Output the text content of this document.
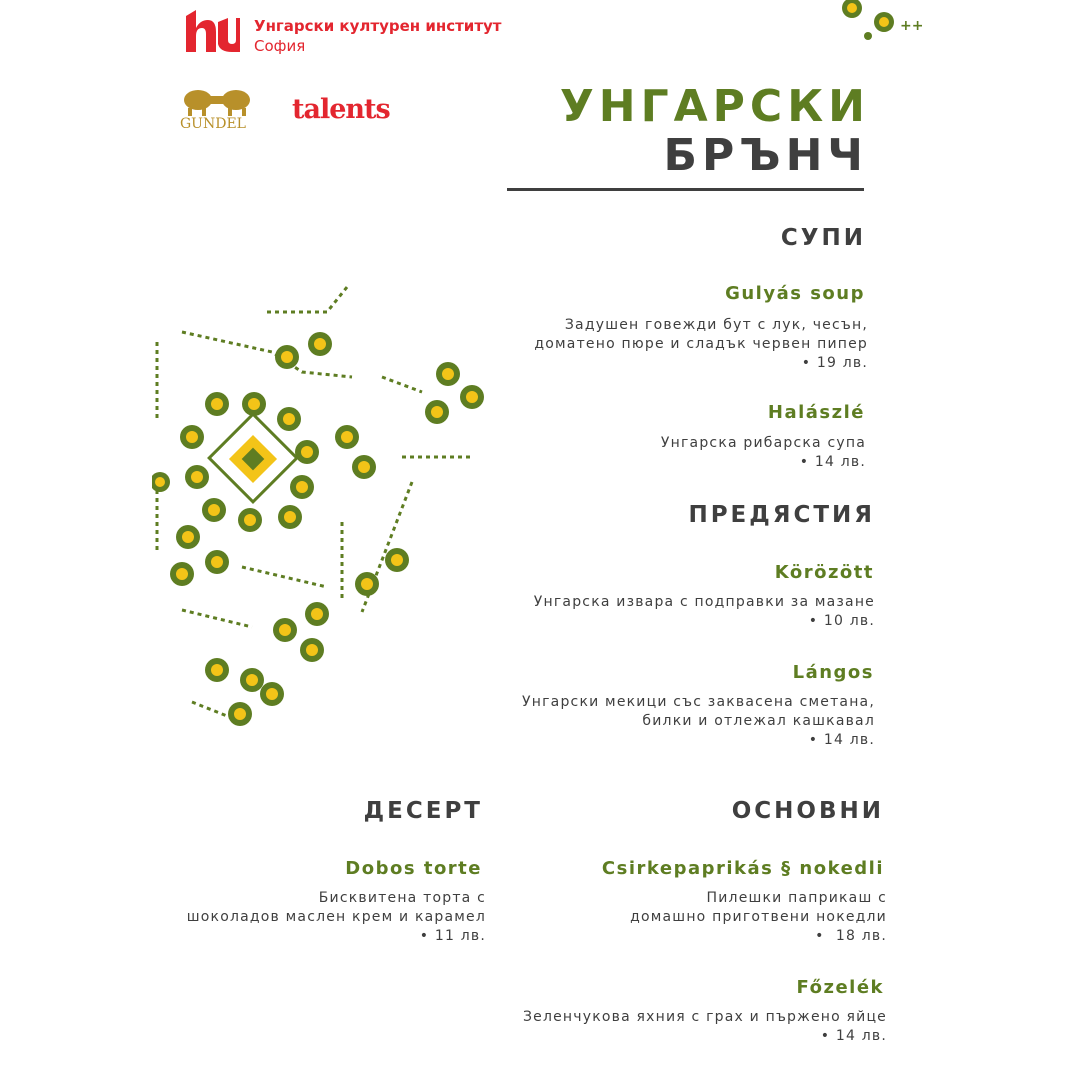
Унгарски културен институт
София
GUNDEL talents
++
УНГАРСКИ
БРЪНЧ
СУПИ
Gulyás soup
Задушен говежди бут с лук, чесън,
доматено пюре и сладък червен пипер
• 19 лв.
Halászlé
Унгарска рибарска супа
• 14 лв.
ПРЕДЯСТИЯ
Körözött
Унгарска извара с подправки за мазане
• 10 лв.
Lángos
Унгарски мекици със заквасена сметана,
билки и отлежал кашкавал
• 14 лв.
ДЕСЕРТ
Dobos torte
Бисквитена торта с
шоколадов маслен крем и карамел
• 11 лв.
ОСНОВНИ
Csirkepaprikás § nokedli
Пилешки паприкаш с
домашно приготвени нокедли
•  18 лв.
Főzelék
Зеленчукова яхния с грах и пържено яйце
• 14 лв.
